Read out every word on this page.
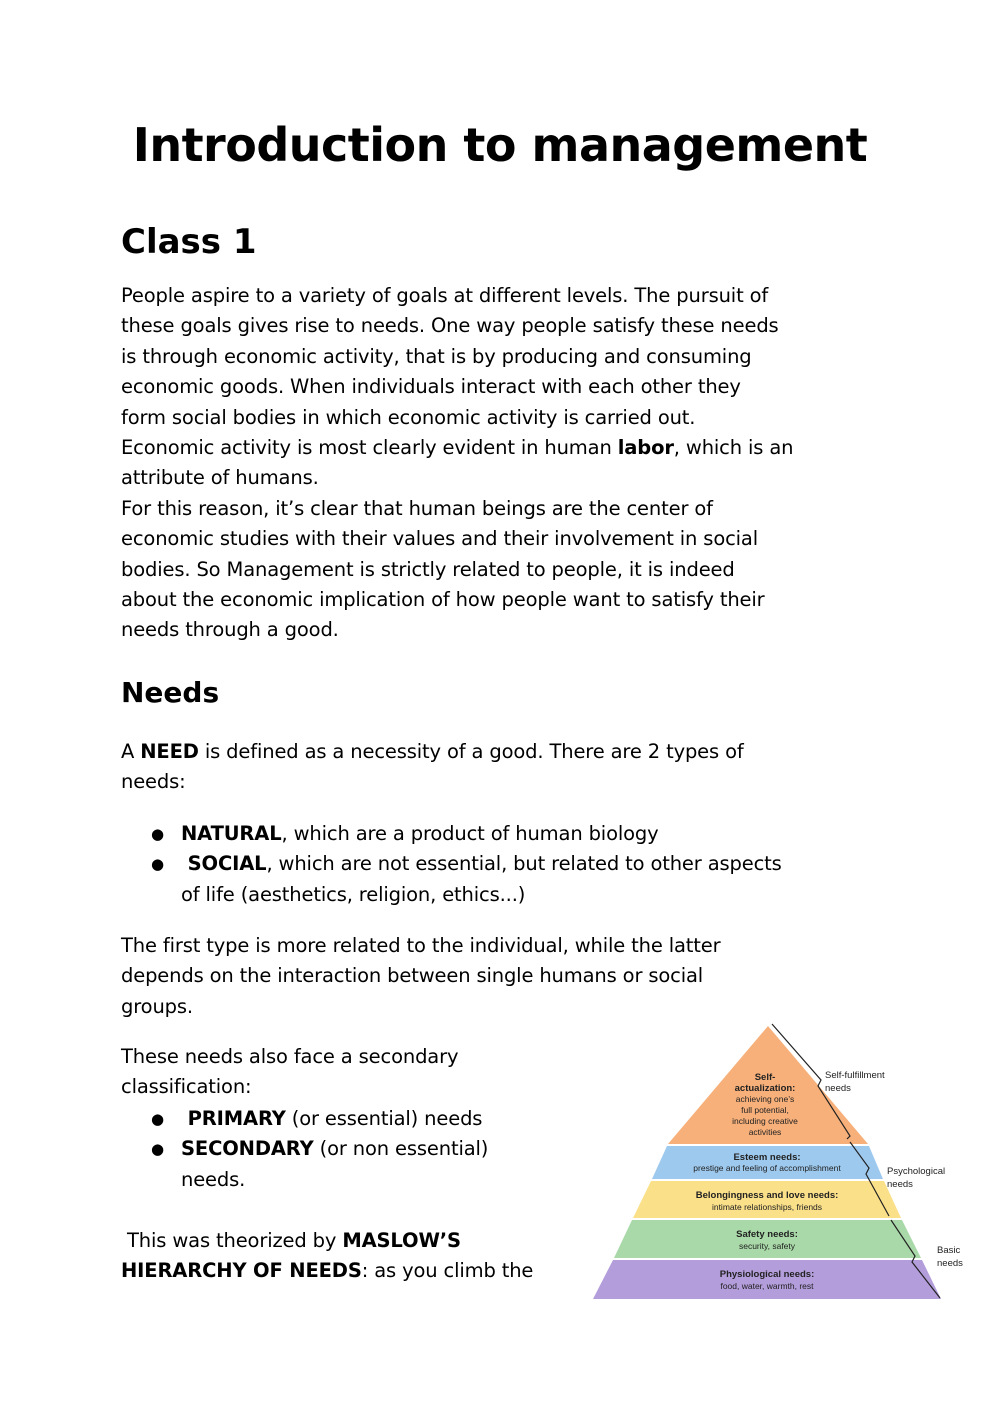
Introduction to management
Class 1

People aspire to a variety of goals at different levels. The pursuit of
these goals gives rise to needs. One way people satisfy these needs
is through economic activity, that is by producing and consuming
economic goods. When individuals interact with each other they
form social bodies in which economic activity is carried out.
Economic activity is most clearly evident in human labor, which is an
attribute of humans.
For this reason, it’s clear that human beings are the center of
economic studies with their values and their involvement in social
bodies. So Management is strictly related to people, it is indeed
about the economic implication of how people want to satisfy their
needs through a good.

Needs

A NEED is defined as a necessity of a good. There are 2 types of
needs:

● NATURAL, which are a product of human biology
● SOCIAL, which are not essential, but related to other aspects
of life (aesthetics, religion, ethics...)

The first type is more related to the individual, while the latter
depends on the interaction between single humans or social
groups.

These needs also face a secondary
classification:

● PRIMARY (or essential) needs
● SECONDARY (or non essential)
needs.

This was theorized by MASLOW’S
HIERARCHY OF NEEDS: as you climb the	Physiological needs:
food, water, warmth, rest
Safety needs:
security, safety
Belongingness and love needs:
intimate relationships, friends
Esteem needs:
prestige and feeling of accomplishment
Self-
actualization:
achieving one’s
full potential,
including creative
activities
Self-fulfillment
needs
Psychological
needs
Basic
needs
